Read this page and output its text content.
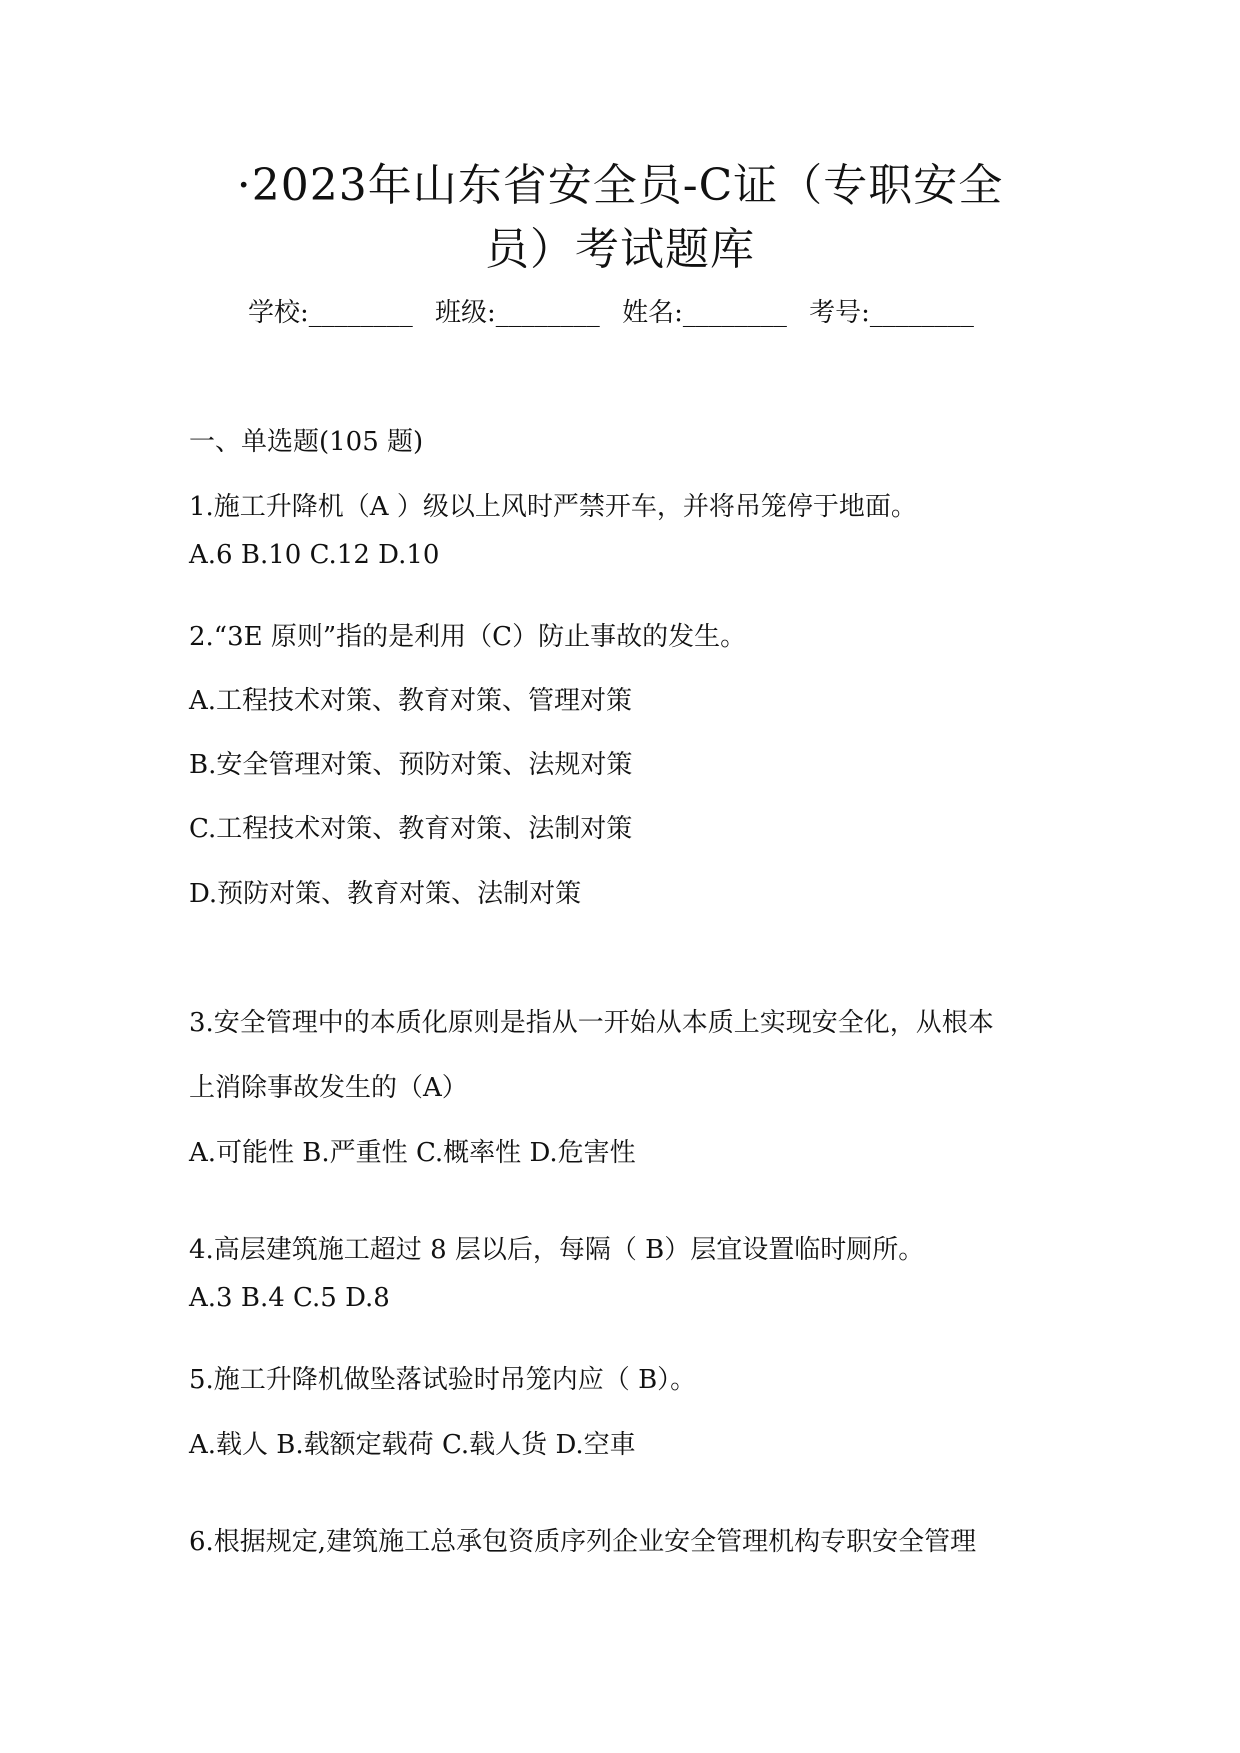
·2023年山东省安全员-C证（专职安全
员）考试题库
学校:________ 班级:________ 姓名:________ 考号:________
一、单选题(105 题)
1.施工升降机（A ）级以上风时严禁开车，并将吊笼停于地面。
A.6 B.10 C.12 D.10
2.“3E 原则”指的是利用（C）防止事故的发生。
A.工程技术对策、教育对策、管理对策
B.安全管理对策、预防对策、法规对策
C.工程技术对策、教育对策、法制对策
D.预防对策、教育对策、法制对策
3.安全管理中的本质化原则是指从一开始从本质上实现安全化，从根本
上消除事故发生的（A）
A.可能性 B.严重性 C.概率性 D.危害性
4.高层建筑施工超过 8 层以后，每隔（ B）层宜设置临时厕所。
A.3 B.4 C.5 D.8
5.施工升降机做坠落试验时吊笼内应（ B）。
A.载人 B.载额定载荷 C.载人货 D.空車
6.根据规定,建筑施工总承包资质序列企业安全管理机构专职安全管理
